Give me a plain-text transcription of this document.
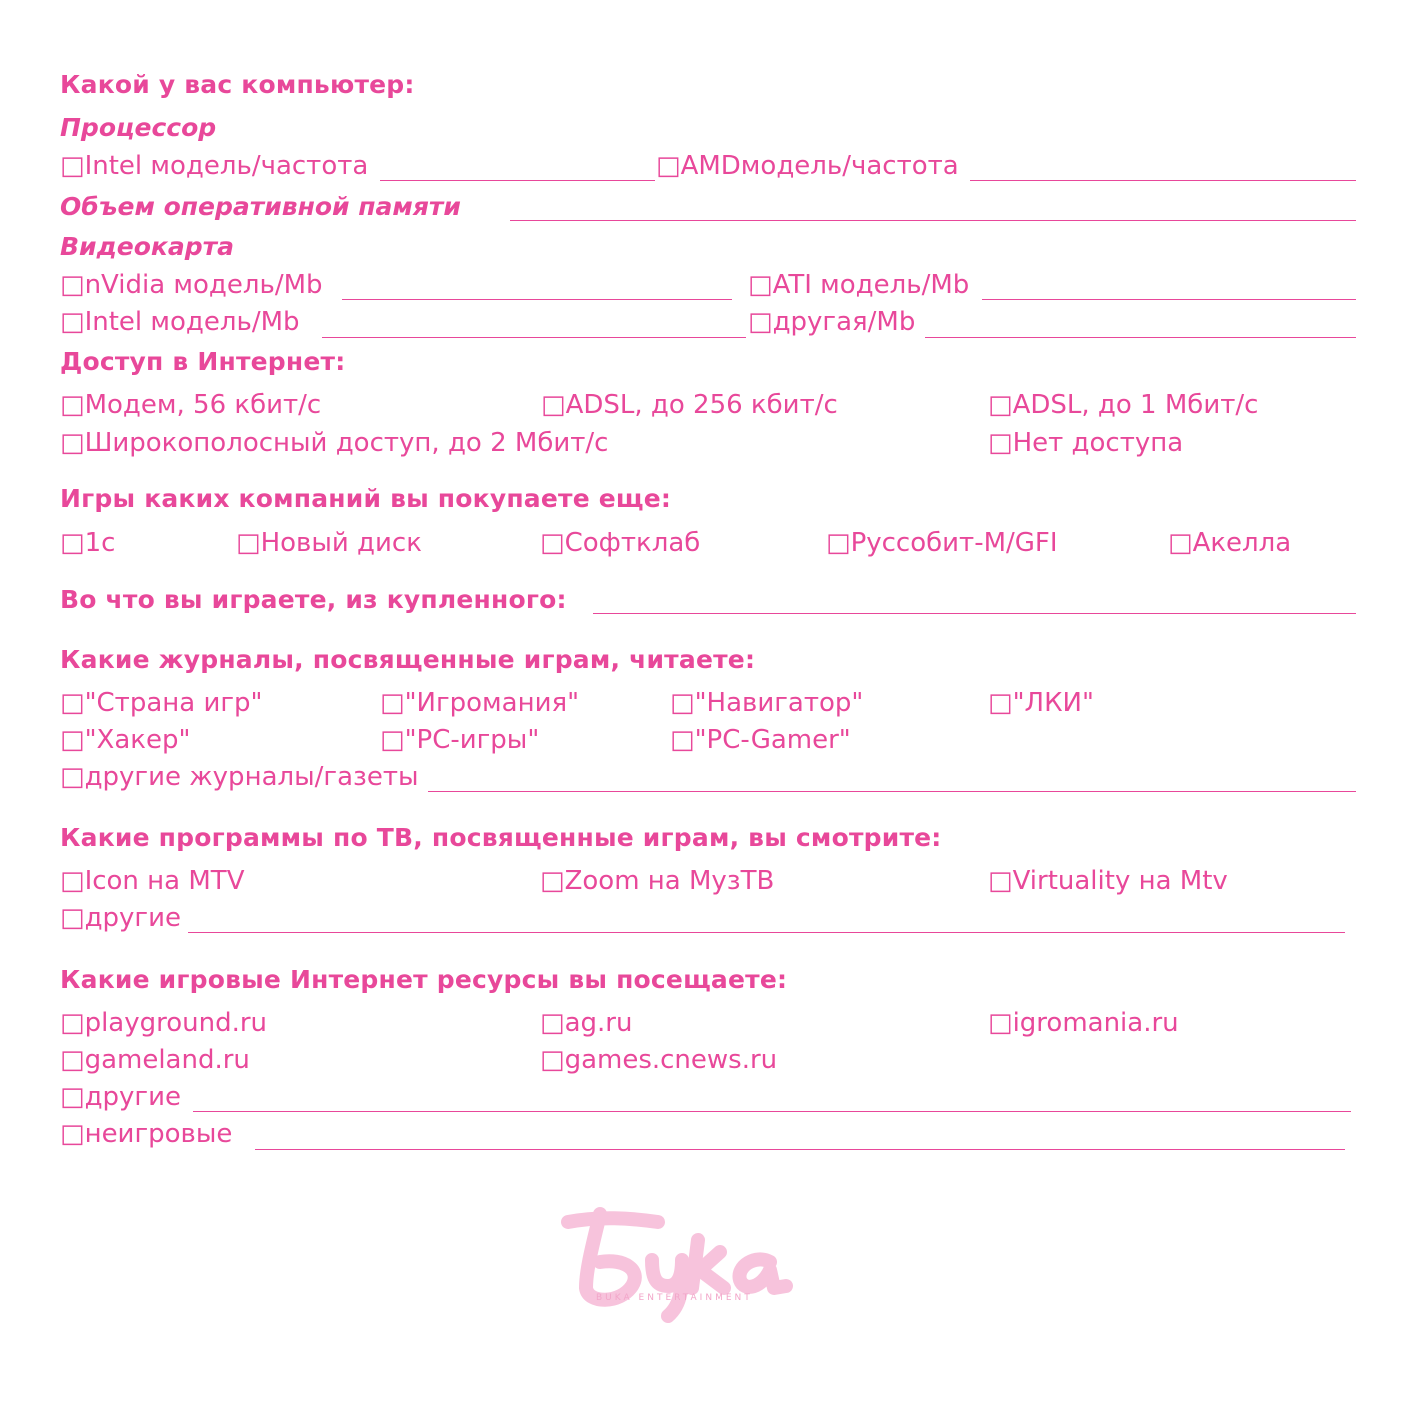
Какой у вас компьютер:
Процессор
□Intel модель/частота	□AMDмодель/частота
Объем оперативной памяти
Видеокарта
□nVidia модель/Mb	□ATI модель/Mb
□Intel модель/Mb	□другая/Mb
Доступ в Интернет:
□Модем, 56 кбит/с	□ADSL, до 256 кбит/с	□ADSL, до 1 Мбит/с
□Широкополосный доступ, до 2 Мбит/с	□Нет доступа
Игры каких компаний вы покупаете еще:
□1с	□Новый диск	□Софтклаб	□Руссобит-М/GFI	□Акелла
Во что вы играете, из купленного:
Какие журналы, посвященные играм, читаете:
□"Страна игр"	□"Игромания"	□"Навигатор"	□"ЛКИ"
□"Хакер"	□"PC-игры"	□"PC-Gamer"
□другие журналы/газеты
Какие программы по ТВ, посвященные играм, вы смотрите:
□Icon на MTV	□Zoom на МузТВ	□Virtuality на Mtv
□другие
Какие игровые Интернет ресурсы вы посещаете:
□playground.ru	□ag.ru	□igromania.ru
□gameland.ru	□games.cnews.ru
□другие
□неигровые
BUKA ENTERTAINMENT
